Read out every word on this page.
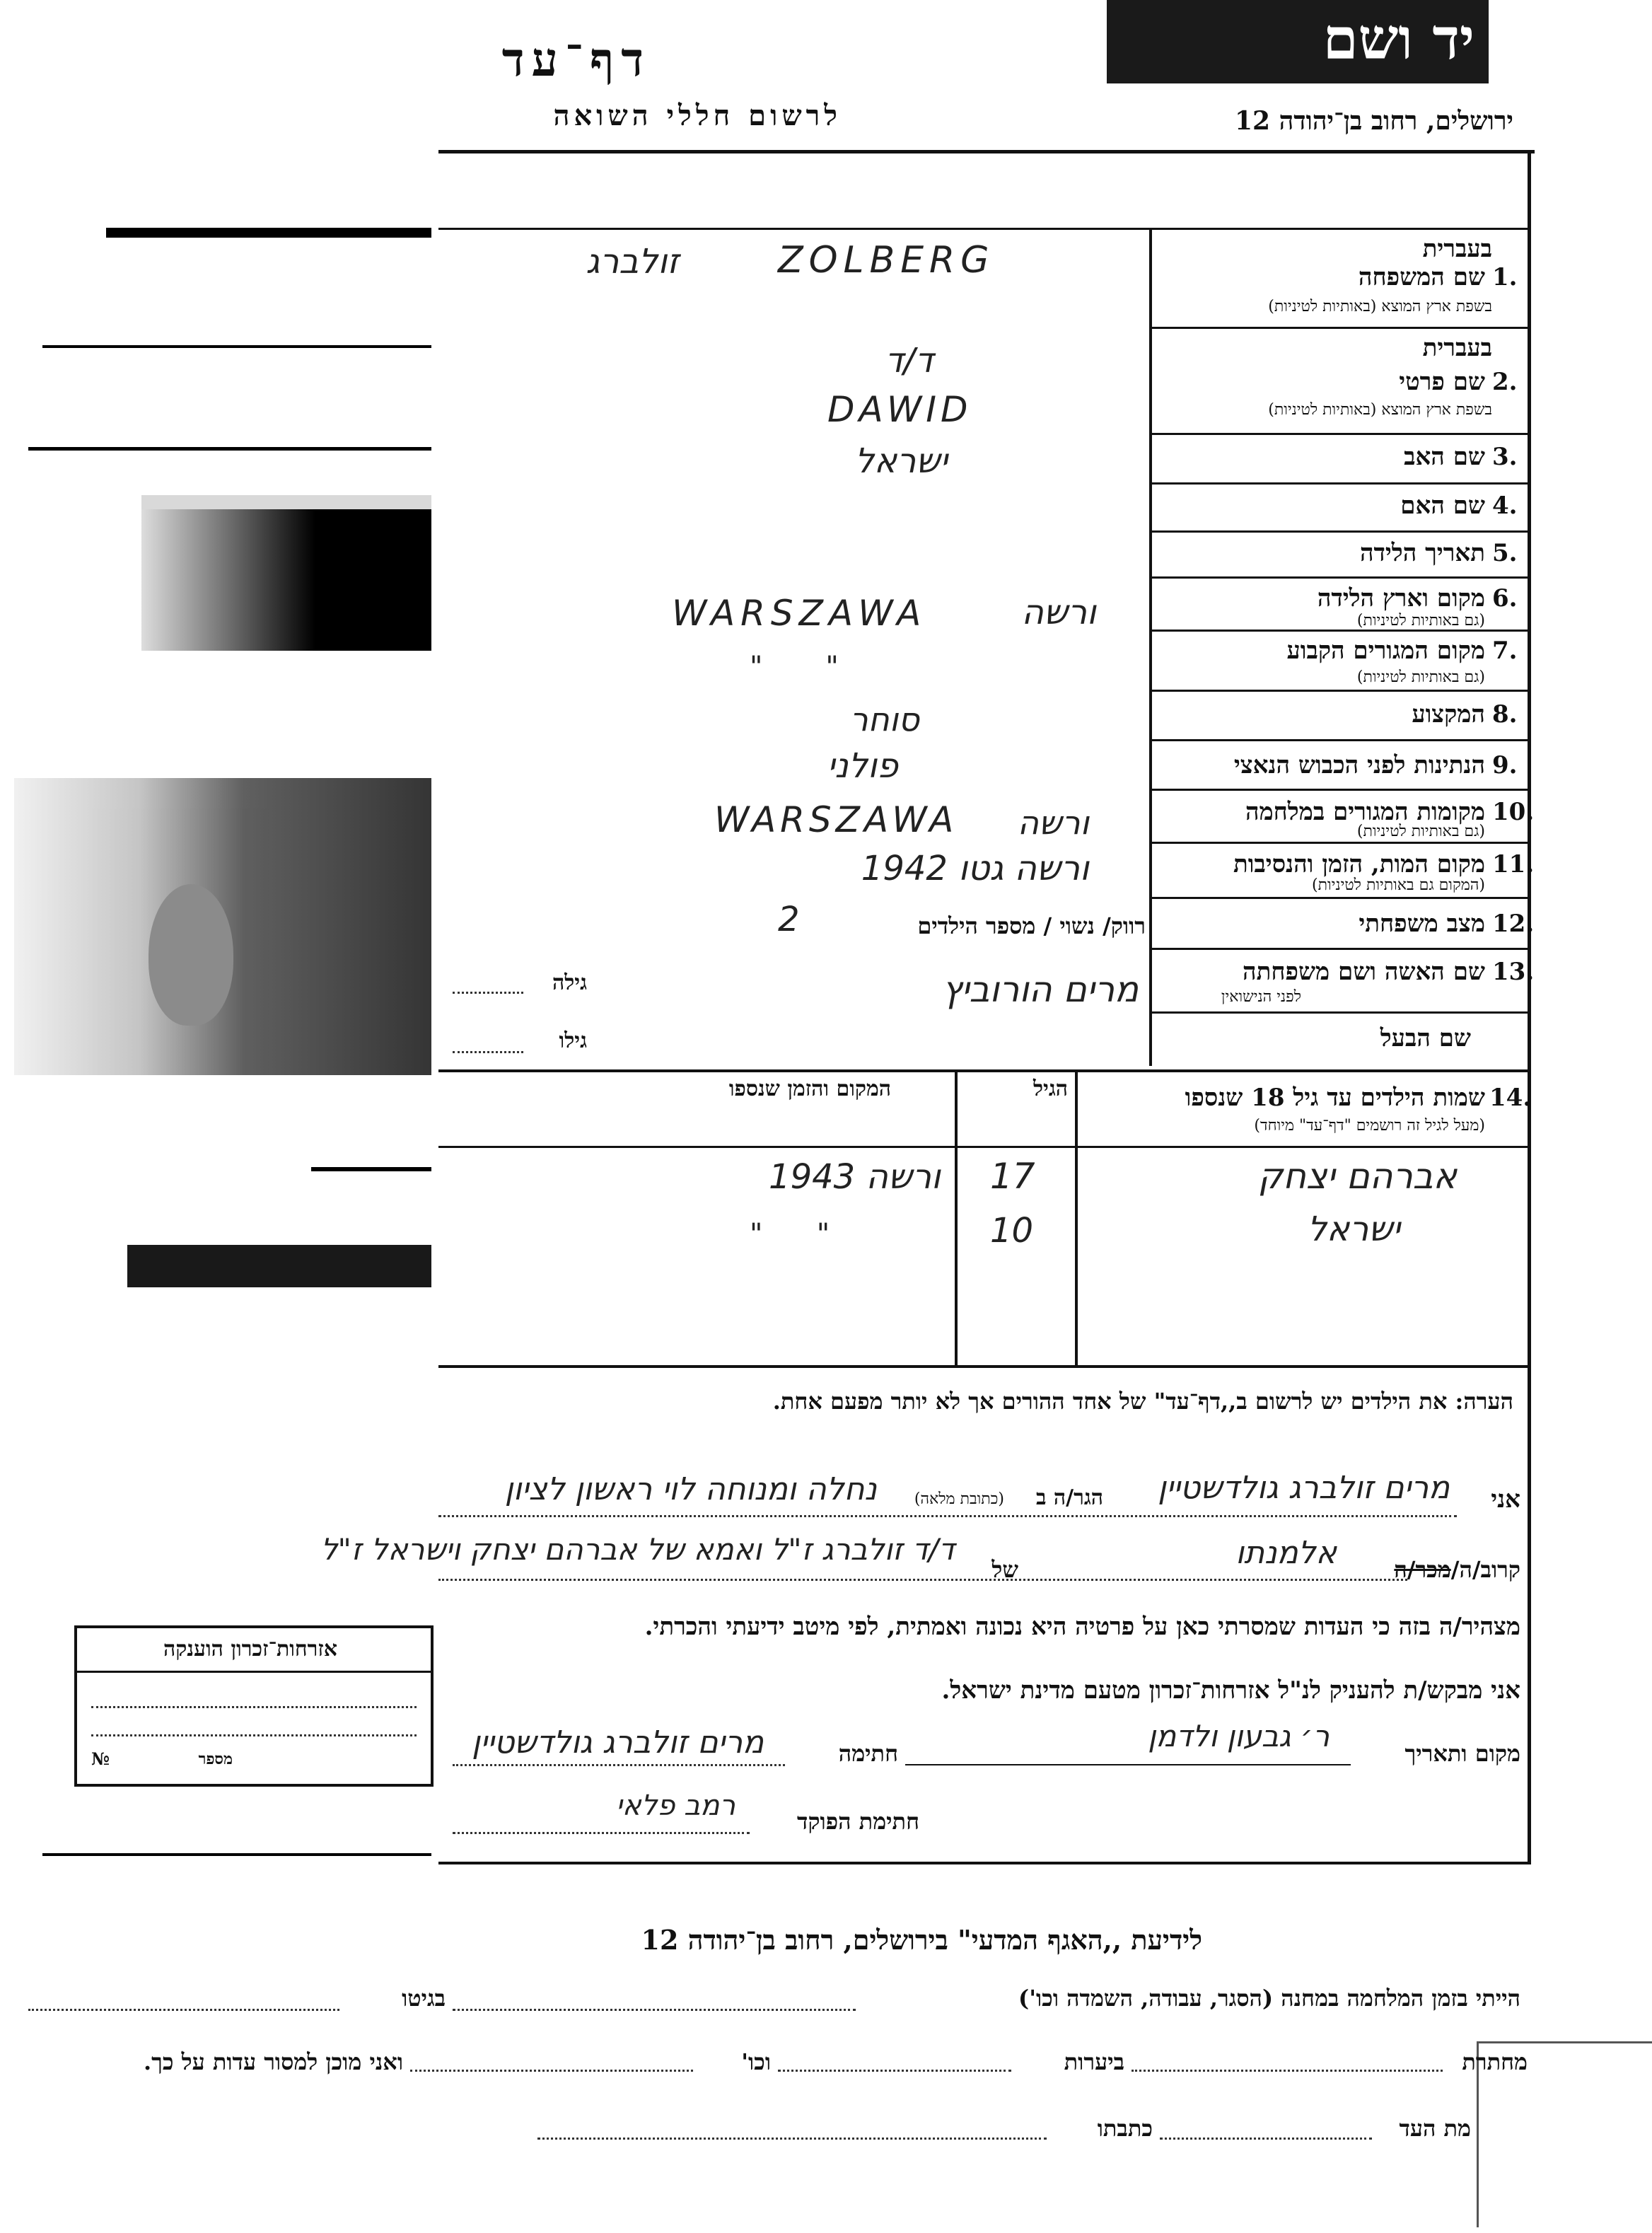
יד ושם
דף־עד
לרשום חללי השואה	ירושלים, רחוב בן־יהודה 12
בעברית
1.
שם המשפחה
בשפת ארץ המוצא (באותיות לטיניות)
ZOLBERG
זולברג
בעברית
2.
שם פרטי
בשפת ארץ המוצא (באותיות לטיניות)
ד/ד
DAWID
3.
שם האב
ישראל
4.
שם האם
5.
תאריך הלידה
6.
מקום וארץ הלידה
(גם באותיות לטיניות)
WARSZAWA	ורשה
7.
מקום המגורים הקבוע
(גם באותיות לטיניות)
"       "
8.
המקצוע
סוחר
9.
הנתינות לפני הכבוש הנאצי
פולני
10.
מקומות המגורים במלחמה
(גם באותיות לטיניות)
WARSZAWA	ורשה
11.
מקום המות, הזמן והנסיבות
(המקום גם באותיות לטיניות)
ורשה גטו 1942
12.
מצב משפחתי
רווק/ נשוי / מספר הילדים
2
13.
שם האשה ושם משפחתה
לפני הנישואין
מרים הורוביץ
גילה
שם הבעל
גילו
14.
שמות הילדים עד גיל 18 שנספו
(מעל לגיל זה רושמים "דף־עד" מיוחד)
הגיל
המקום והזמן שנספו
אברהם יצחק
17
ורשה 1943
ישראל
10
"      "
הערה: את הילדים יש לרשום ב,,דף־עד" של אחד ההורים אך לא יותר מפעם אחת.
אני
מרים זולברג גולדשטיין
הגר/ה ב
(כתובת מלאה)
נחלה ומנוחה לוי ראשון לציון
קרוב/ה/מכר/ה
אלמנתו
של
ד/ד זולברג ז"ל ואמא של אברהם יצחק וישראל ז"ל
מצהיר/ה בזה כי העדות שמסרתי כאן על פרטיה היא נכונה ואמתית, לפי מיטב ידיעתי והכרתי.
אני מבקש/ת להעניק לנ"ל אזרחות־זכרון מטעם מדינת ישראל.
מקום ותאריך
ר׳ גבעון ולדמן
חתימה
מרים זולברג גולדשטיין
חתימת הפוקד
רמב פלאי
אזרחות־זכרון הוענקה
№	מספר
לידיעת ,,האגף המדעי" בירושלים, רחוב בן־יהודה 12
הייתי בזמן המלחמה במחנה (הסגר, עבודה, השמדה וכו')
בגיטו
מחתרת
ביערות
וכו'
ואני מוכן למסור עדות על כך.
מת העד
כתבתו
